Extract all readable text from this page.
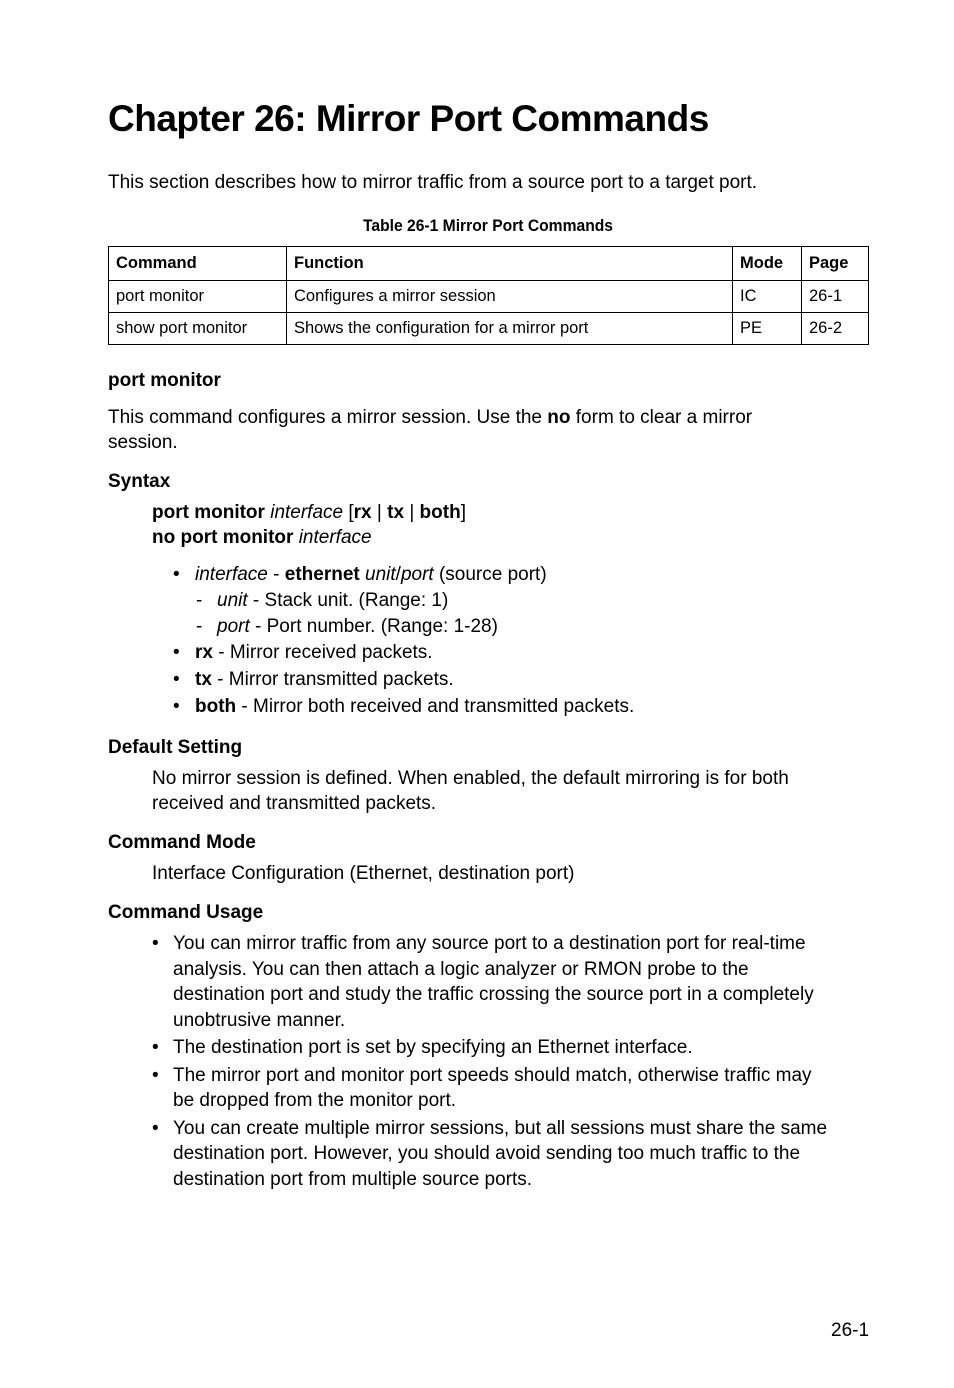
Chapter 26: Mirror Port Commands
This section describes how to mirror traffic from a source port to a target port.
Table 26-1 Mirror Port Commands
Command	Function	Mode	Page
port monitor	Configures a mirror session	IC	26-1
show port monitor	Shows the configuration for a mirror port	PE	26-2
port monitor
This command configures a mirror session. Use the no form to clear a mirror
session.
Syntax
port monitor interface [rx | tx | both]
no port monitor interface
• interface - ethernet unit/port (source port)
- unit - Stack unit. (Range: 1)
- port - Port number. (Range: 1-28)
• rx - Mirror received packets.
• tx - Mirror transmitted packets.
• both - Mirror both received and transmitted packets.
Default Setting
No mirror session is defined. When enabled, the default mirroring is for both
received and transmitted packets.
Command Mode
Interface Configuration (Ethernet, destination port)
Command Usage
• You can mirror traffic from any source port to a destination port for real-time
analysis. You can then attach a logic analyzer or RMON probe to the
destination port and study the traffic crossing the source port in a completely
unobtrusive manner.
• The destination port is set by specifying an Ethernet interface.
• The mirror port and monitor port speeds should match, otherwise traffic may
be dropped from the monitor port.
• You can create multiple mirror sessions, but all sessions must share the same
destination port. However, you should avoid sending too much traffic to the
destination port from multiple source ports.
26-1
